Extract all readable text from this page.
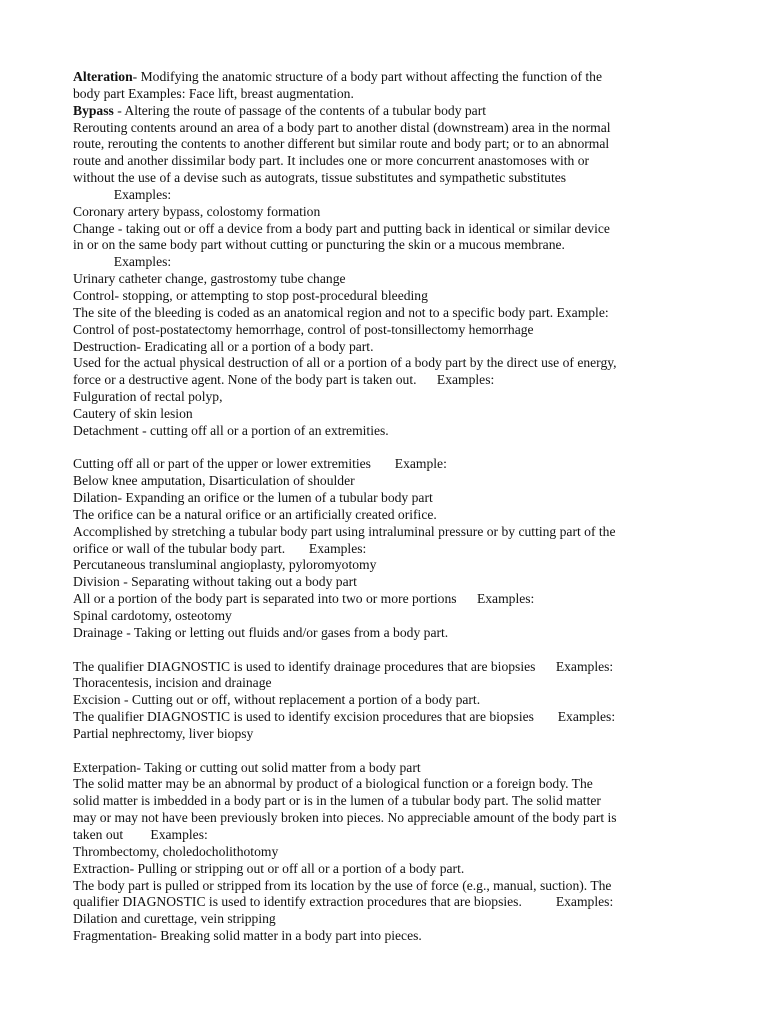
Alteration- Modifying the anatomic structure of a body part without affecting the function of the
body part Examples: Face lift, breast augmentation.
Bypass - Altering the route of passage of the contents of a tubular body part
Rerouting contents around an area of a body part to another distal (downstream) area in the normal
route, rerouting the contents to another different but similar route and body part; or to an abnormal
route and another dissimilar body part. It includes one or more concurrent anastomoses with or
without the use of a devise such as autograts, tissue substitutes and sympathetic substitutes
Examples:
Coronary artery bypass, colostomy formation
Change - taking out or off a device from a body part and putting back in identical or similar device
in or on the same body part without cutting or puncturing the skin or a mucous membrane.
Examples:
Urinary catheter change, gastrostomy tube change
Control- stopping, or attempting to stop post-procedural bleeding
The site of the bleeding is coded as an anatomical region and not to a specific body part. Example:
Control of post-postatectomy hemorrhage, control of post-tonsillectomy hemorrhage
Destruction- Eradicating all or a portion of a body part.
Used for the actual physical destruction of all or a portion of a body part by the direct use of energy,
force or a destructive agent. None of the body part is taken out.      Examples:
Fulguration of rectal polyp,
Cautery of skin lesion
Detachment - cutting off all or a portion of an extremities.
Cutting off all or part of the upper or lower extremities       Example:
Below knee amputation, Disarticulation of shoulder
Dilation- Expanding an orifice or the lumen of a tubular body part
The orifice can be a natural orifice or an artificially created orifice.
Accomplished by stretching a tubular body part using intraluminal pressure or by cutting part of the
orifice or wall of the tubular body part.       Examples:
Percutaneous transluminal angioplasty, pyloromyotomy
Division - Separating without taking out a body part
All or a portion of the body part is separated into two or more portions      Examples:
Spinal cardotomy, osteotomy
Drainage - Taking or letting out fluids and/or gases from a body part.
The qualifier DIAGNOSTIC is used to identify drainage procedures that are biopsies      Examples:
Thoracentesis, incision and drainage
Excision - Cutting out or off, without replacement a portion of a body part.
The qualifier DIAGNOSTIC is used to identify excision procedures that are biopsies       Examples:
Partial nephrectomy, liver biopsy
Exterpation- Taking or cutting out solid matter from a body part
The solid matter may be an abnormal by product of a biological function or a foreign body. The
solid matter is imbedded in a body part or is in the lumen of a tubular body part. The solid matter
may or may not have been previously broken into pieces. No appreciable amount of the body part is
taken out        Examples:
Thrombectomy, choledocholithotomy
Extraction- Pulling or stripping out or off all or a portion of a body part.
The body part is pulled or stripped from its location by the use of force (e.g., manual, suction). The
qualifier DIAGNOSTIC is used to identify extraction procedures that are biopsies.          Examples:
Dilation and curettage, vein stripping
Fragmentation- Breaking solid matter in a body part into pieces.
